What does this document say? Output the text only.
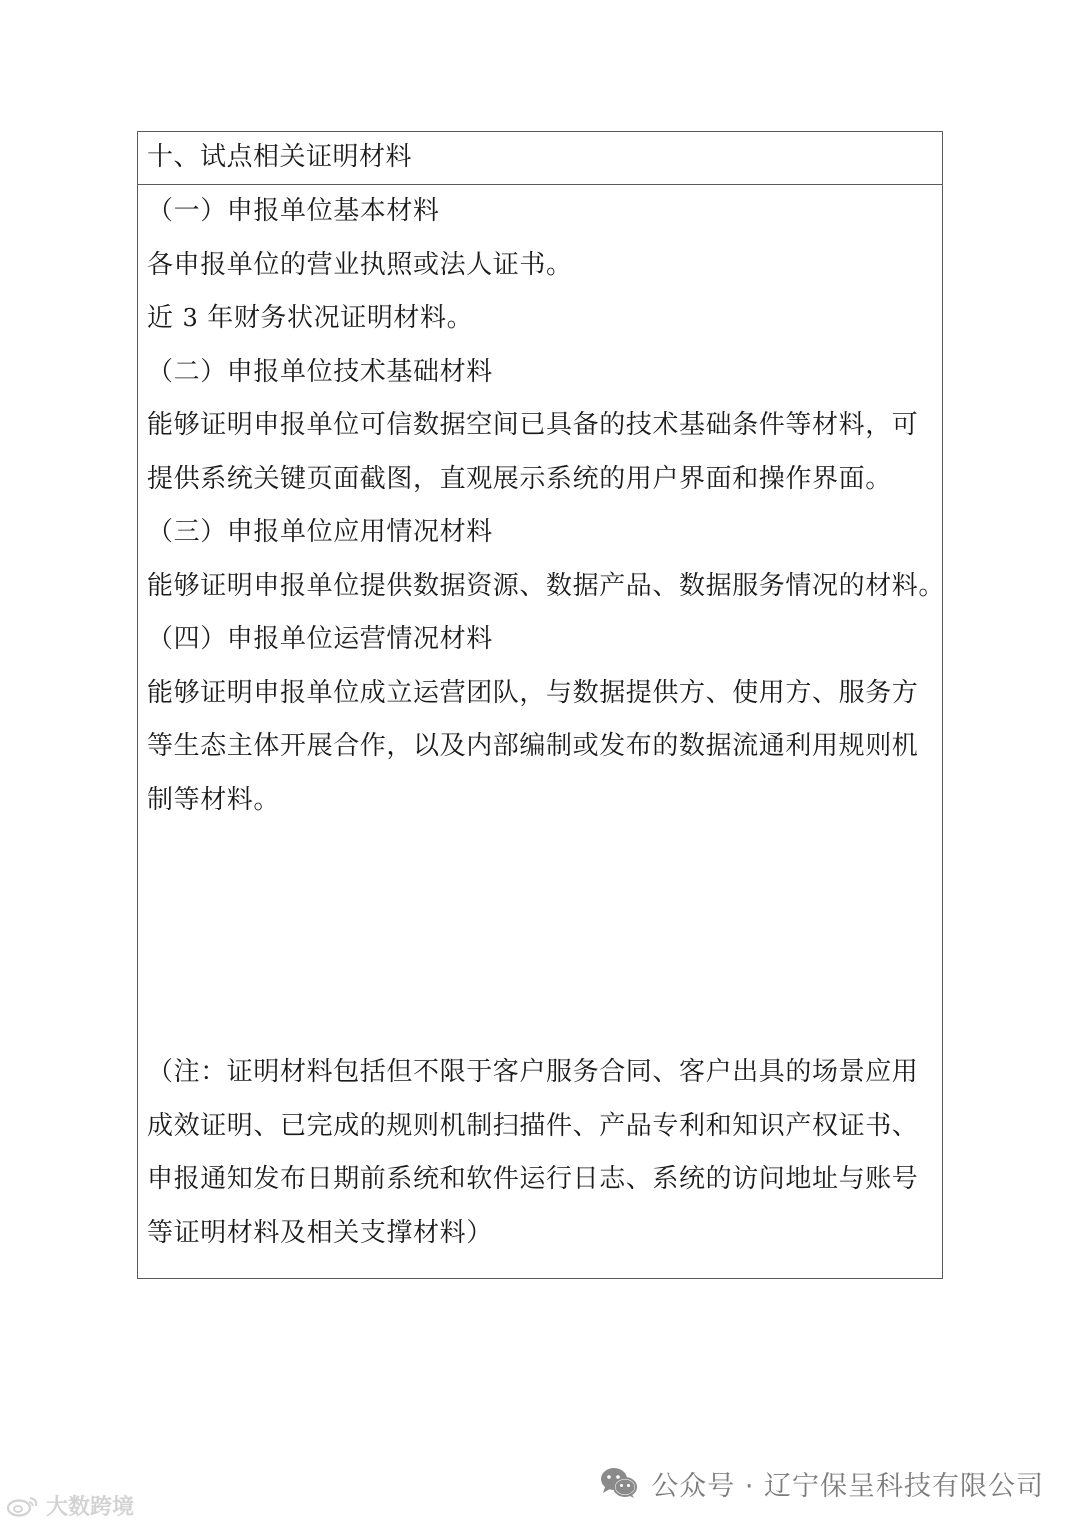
十、试点相关证明材料
（一）申报单位基本材料
各申报单位的营业执照或法人证书。
近 3 年财务状况证明材料。
（二）申报单位技术基础材料
能够证明申报单位可信数据空间已具备的技术基础条件等材料，可
提供系统关键页面截图，直观展示系统的用户界面和操作界面。
（三）申报单位应用情况材料
能够证明申报单位提供数据资源、数据产品、数据服务情况的材料。
（四）申报单位运营情况材料
能够证明申报单位成立运营团队，与数据提供方、使用方、服务方
等生态主体开展合作，以及内部编制或发布的数据流通利用规则机
制等材料。
（注：证明材料包括但不限于客户服务合同、客户出具的场景应用
成效证明、已完成的规则机制扫描件、产品专利和知识产权证书、
申报通知发布日期前系统和软件运行日志、系统的访问地址与账号
等证明材料及相关支撑材料）
公众号 · 辽宁保呈科技有限公司
大数跨境
